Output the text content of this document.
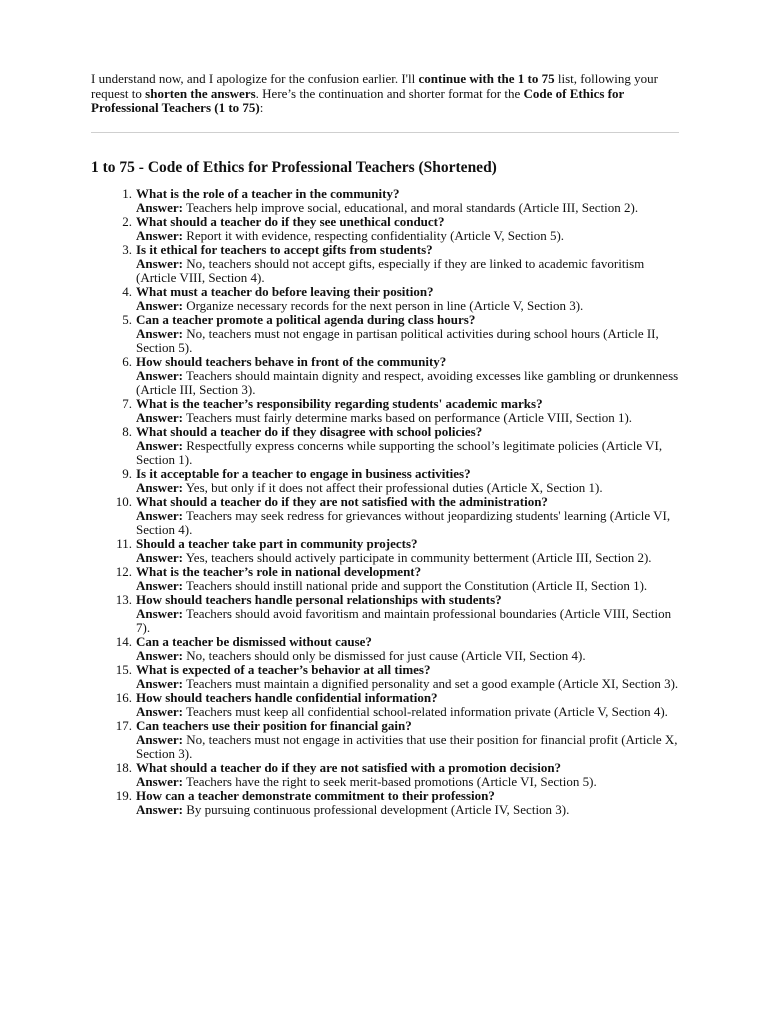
I understand now, and I apologize for the confusion earlier. I'll continue with the 1 to 75 list, following your request to shorten the answers. Here’s the continuation and shorter format for the Code of Ethics for Professional Teachers (1 to 75):

1 to 75 - Code of Ethics for Professional Teachers (Shortened)
1. What is the role of a teacher in the community?
Answer: Teachers help improve social, educational, and moral standards (Article III, Section 2).
2. What should a teacher do if they see unethical conduct?
Answer: Report it with evidence, respecting confidentiality (Article V, Section 5).
3. Is it ethical for teachers to accept gifts from students?
Answer: No, teachers should not accept gifts, especially if they are linked to academic favoritism (Article VIII, Section 4).
4. What must a teacher do before leaving their position?
Answer: Organize necessary records for the next person in line (Article V, Section 3).
5. Can a teacher promote a political agenda during class hours?
Answer: No, teachers must not engage in partisan political activities during school hours (Article II, Section 5).
6. How should teachers behave in front of the community?
Answer: Teachers should maintain dignity and respect, avoiding excesses like gambling or drunkenness (Article III, Section 3).
7. What is the teacher’s responsibility regarding students' academic marks?
Answer: Teachers must fairly determine marks based on performance (Article VIII, Section 1).
8. What should a teacher do if they disagree with school policies?
Answer: Respectfully express concerns while supporting the school’s legitimate policies (Article VI, Section 1).
9. Is it acceptable for a teacher to engage in business activities?
Answer: Yes, but only if it does not affect their professional duties (Article X, Section 1).
10. What should a teacher do if they are not satisfied with the administration?
Answer: Teachers may seek redress for grievances without jeopardizing students' learning (Article VI, Section 4).
11. Should a teacher take part in community projects?
Answer: Yes, teachers should actively participate in community betterment (Article III, Section 2).
12. What is the teacher’s role in national development?
Answer: Teachers should instill national pride and support the Constitution (Article II, Section 1).
13. How should teachers handle personal relationships with students?
Answer: Teachers should avoid favoritism and maintain professional boundaries (Article VIII, Section 7).
14. Can a teacher be dismissed without cause?
Answer: No, teachers should only be dismissed for just cause (Article VII, Section 4).
15. What is expected of a teacher’s behavior at all times?
Answer: Teachers must maintain a dignified personality and set a good example (Article XI, Section 3).
16. How should teachers handle confidential information?
Answer: Teachers must keep all confidential school-related information private (Article V, Section 4).
17. Can teachers use their position for financial gain?
Answer: No, teachers must not engage in activities that use their position for financial profit (Article X, Section 3).
18. What should a teacher do if they are not satisfied with a promotion decision?
Answer: Teachers have the right to seek merit-based promotions (Article VI, Section 5).
19. How can a teacher demonstrate commitment to their profession?
Answer: By pursuing continuous professional development (Article IV, Section 3).
